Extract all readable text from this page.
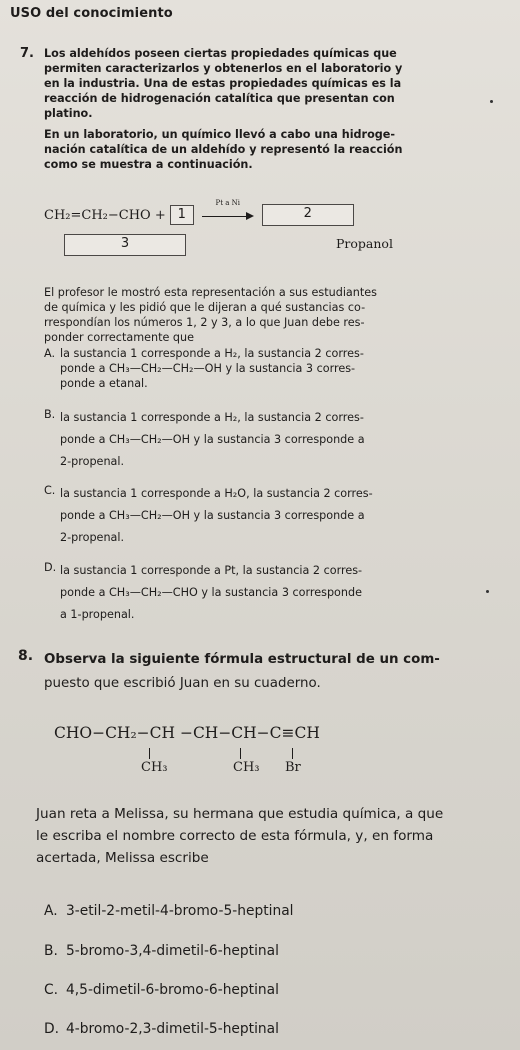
USO del conocimiento
7. Los aldehídos poseen ciertas propiedades químicas que
permiten caracterizarlos y obtenerlos en el laboratorio y
en la industria. Una de estas propiedades químicas es la
reacción de hidrogenación catalítica que presentan con
platino.
En un laboratorio, un químico llevó a cabo una hidroge-
nación catalítica de un aldehído y representó la reacción
como se muestra a continuación.
CH₂=CH₂−CHO + 1
Pt a Ni
2
3	Propanol
El profesor le mostró esta representación a sus estudiantes
de química y les pidió que le dijeran a qué sustancias co-
rrespondían los números 1, 2 y 3, a lo que Juan debe res-
ponder correctamente que
A. la sustancia 1 corresponde a H₂, la sustancia 2 corres-
ponde a CH₃—CH₂—CH₂—OH y la sustancia 3 corres-
ponde a etanal.
B. la sustancia 1 corresponde a H₂, la sustancia 2 corres-
ponde a CH₃—CH₂—OH y la sustancia 3 corresponde a
2-propenal.
C. la sustancia 1 corresponde a H₂O, la sustancia 2 corres-
ponde a CH₃—CH₂—OH y la sustancia 3 corresponde a
2-propenal.
D. la sustancia 1 corresponde a Pt, la sustancia 2 corres-
ponde a CH₃—CH₂—CHO y la sustancia 3 corresponde
a 1-propenal.
8. Observa la siguiente fórmula estructural de un com-
puesto que escribió Juan en su cuaderno.
CHO−CH₂−CH −CH−CH−C≡CH
CH₃	CH₃ Br
Juan reta a Melissa, su hermana que estudia química, a que
le escriba el nombre correcto de esta fórmula, y, en forma
acertada, Melissa escribe
A. 3-etil-2-metil-4-bromo-5-heptinal
B. 5-bromo-3,4-dimetil-6-heptinal
C. 4,5-dimetil-6-bromo-6-heptinal
D. 4-bromo-2,3-dimetil-5-heptinal
